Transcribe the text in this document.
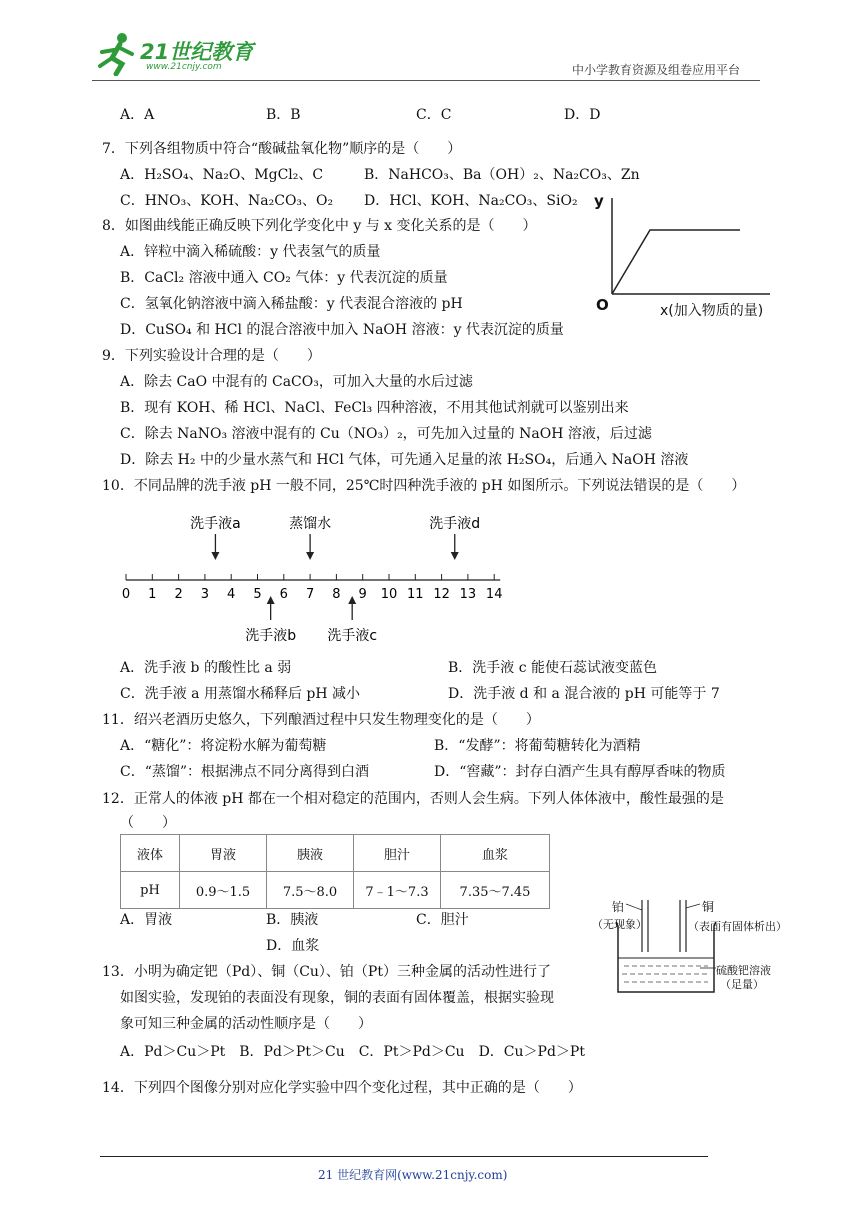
21世纪教育
www.21cnjy.com	中小学教育资源及组卷应用平台
A．A	B．B	C．C	D．D
7．下列各组物质中符合“酸碱盐氧化物”顺序的是（　　）
A．H₂SO₄、Na₂O、MgCl₂、C	B．NaHCO₃、Ba（OH）₂、Na₂CO₃、Zn
C．HNO₃、KOH、Na₂CO₃、O₂ D．HCl、KOH、Na₂CO₃、SiO₂
8．如图曲线能正确反映下列化学变化中 y 与 x 变化关系的是（　　）
A．锌粒中滴入稀硫酸：y 代表氢气的质量
B．CaCl₂ 溶液中通入 CO₂ 气体：y 代表沉淀的质量
C．氢氧化钠溶液中滴入稀盐酸：y 代表混合溶液的 pH
D．CuSO₄ 和 HCl 的混合溶液中加入 NaOH 溶液：y 代表沉淀的质量
y
O	x(加入物质的量)
9．下列实验设计合理的是（　　）
A．除去 CaO 中混有的 CaCO₃，可加入大量的水后过滤
B．现有 KOH、稀 HCl、NaCl、FeCl₃ 四种溶液，不用其他试剂就可以鉴别出来
C．除去 NaNO₃ 溶液中混有的 Cu（NO₃）₂，可先加入过量的 NaOH 溶液，后过滤
D．除去 H₂ 中的少量水蒸气和 HCl 气体，可先通入足量的浓 H₂SO₄，后通入 NaOH 溶液
10．不同品牌的洗手液 pH 一般不同，25℃时四种洗手液的 pH 如图所示。下列说法错误的是（　　）
0 1 2 3 4 5 6 7 8 9 10 11 12 13 14
洗手液a	蒸馏水	洗手液d
洗手液b 洗手液c
A．洗手液 b 的酸性比 a 弱	B．洗手液 c 能使石蕊试液变蓝色
C．洗手液 a 用蒸馏水稀释后 pH 减小	D．洗手液 d 和 a 混合液的 pH 可能等于 7
11．绍兴老酒历史悠久，下列酿酒过程中只发生物理变化的是（　　）
A．“糖化”：将淀粉水解为葡萄糖	B．“发酵”：将葡萄糖转化为酒精
C．“蒸馏”：根据沸点不同分离得到白酒	D．“窖藏”：封存白酒产生具有醇厚香味的物质
12．正常人的体液 pH 都在一个相对稳定的范围内，否则人会生病。下列人体体液中，酸性最强的是
（　　）
液体	胃液	胰液	胆汁	血浆
pH	0.9～1.5	7.5～8.0	7﹣1～7.3	7.35～7.45
A．胃液	B．胰液	C．胆汁
D．血浆
13．小明为确定钯（Pd）、铜（Cu）、铂（Pt）三种金属的活动性进行了
如图实验，发现铂的表面没有现象，铜的表面有固体覆盖，根据实验现
象可知三种金属的活动性顺序是（　　）
A．Pd＞Cu＞Pt　B．Pd＞Pt＞Cu　C．Pt＞Pd＞Cu　D．Cu＞Pd＞Pt
铂
（无现象）
铜
（表面有固体析出）
硫酸钯溶液
（足量）
14．下列四个图像分别对应化学实验中四个变化过程，其中正确的是（　　）
21 世纪教育网(www.21cnjy.com)
